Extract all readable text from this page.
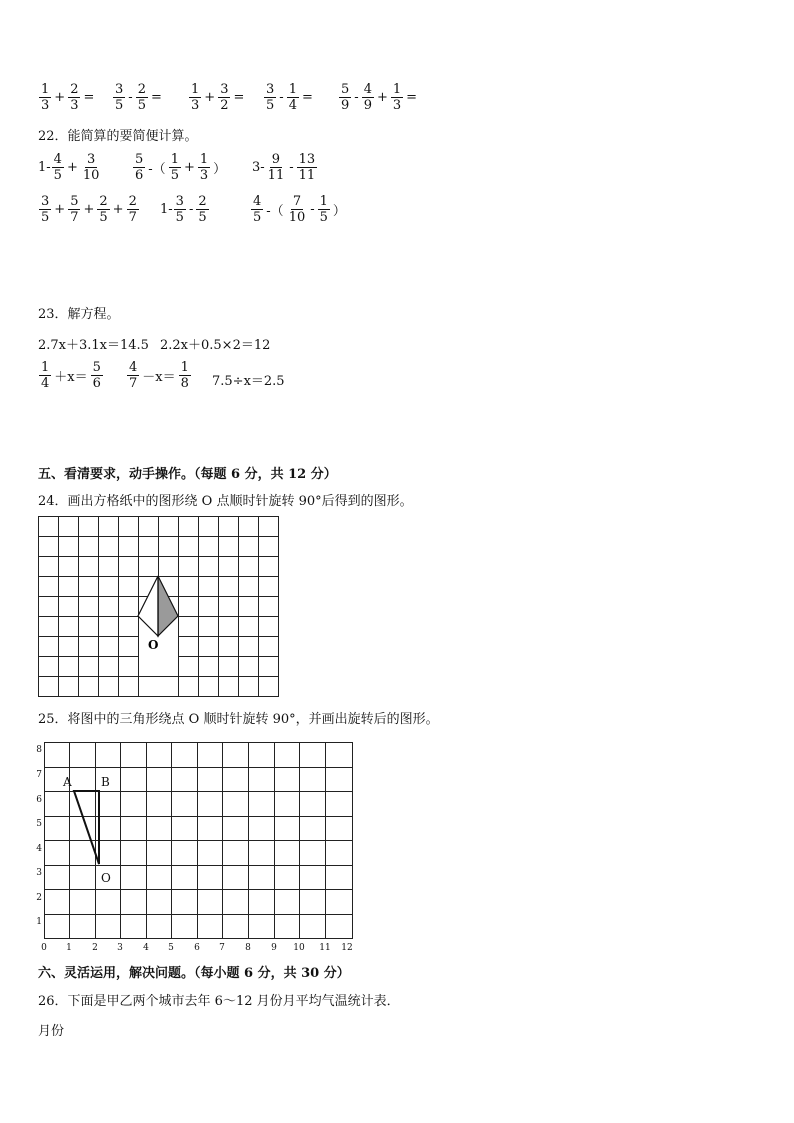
$\frac{1}{3} + \frac{2}{3} = \frac{3}{5} - \frac{2}{5} = \frac{1}{3} + \frac{3}{2} = \frac{3}{5} - \frac{1}{4} = \frac{5}{9} - \frac{4}{9} + \frac{1}{3}$ =
22．能简算的要简便计算。
$1- \frac{4}{5} + \frac{3}{10} \frac{5}{6}$ -（ $\frac{1}{5} + \frac{1}{3}$ ） $3- \frac{9}{11} - \frac{13}{11}$
$\frac{3}{5} + \frac{5}{7} + \frac{2}{5} + \frac{2}{7} 1- \frac{3}{5} - \frac{2}{5}$	$\frac{4}{5}$ -（ $\frac{7}{10} - \frac{1}{5}$ ）
23．解方程。
2.7x＋3.1x＝14.5 2.2x＋0.5×2＝12
$\frac{1}{4} +x= \frac{5}{6} \frac{4}{7} -x= \frac{1}{8} 7.5\div x=2.5$
五、看清要求，动手操作。（每题 6 分，共 12 分）
24．画出方格纸中的图形绕 O 点顺时针旋转 90°后得到的图形。
O
25．将图中的三角形绕点 O 顺时针旋转 90°，并画出旋转后的图形。
0 1 2 3 4 5 6 7 8 9 10 11 12
1
2
3
4
5
6
7
8
A B
O
六、灵活运用，解决问题。（每小题 6 分，共 30 分）
26．下面是甲乙两个城市去年 6～12 月份月平均气温统计表．
月份
